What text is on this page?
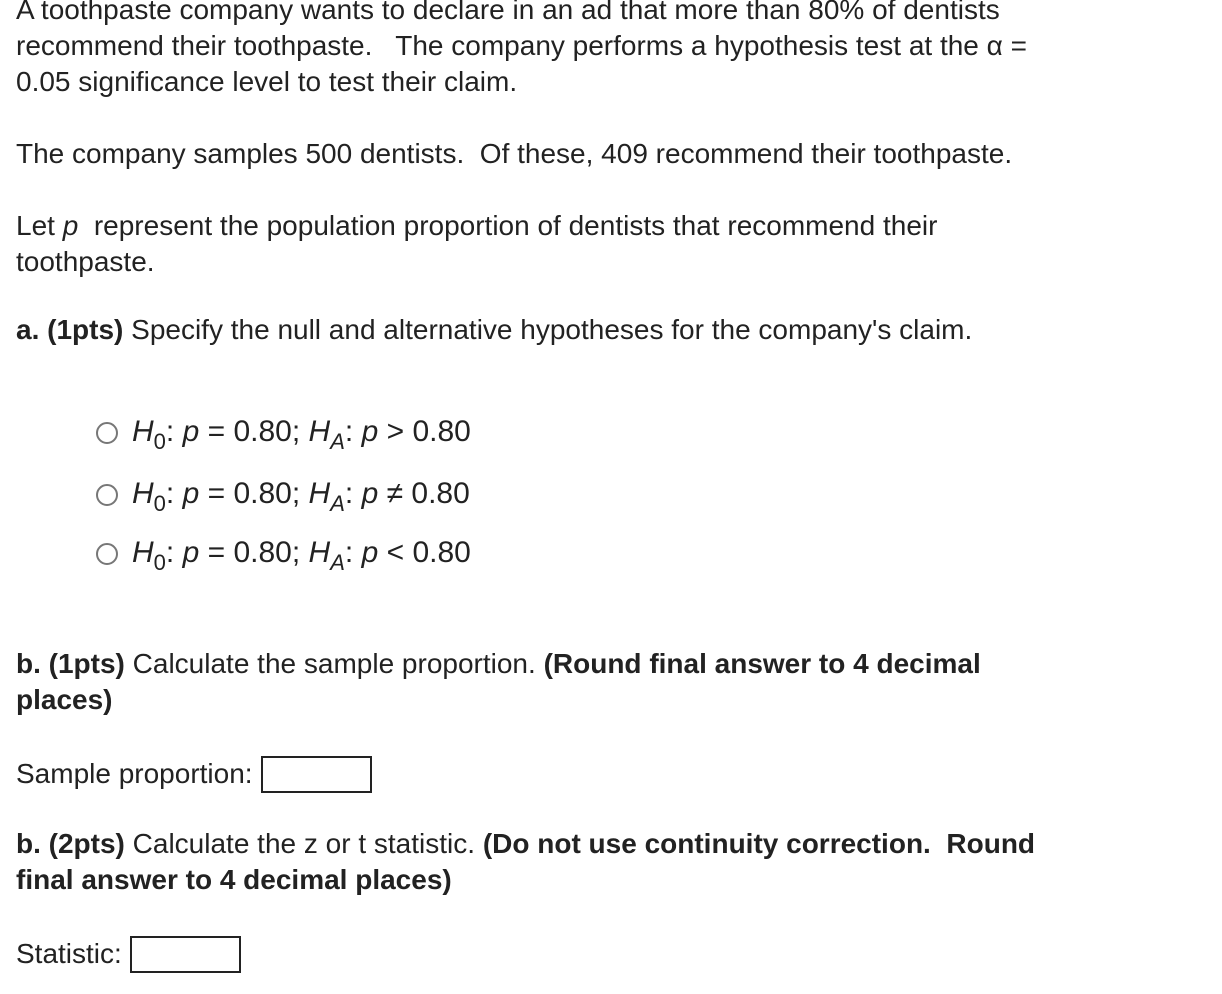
A toothpaste company wants to declare in an ad that more than 80% of dentists
recommend their toothpaste.   The company performs a hypothesis test at the α =
0.05 significance level to test their claim.
The company samples 500 dentists.  Of these, 409 recommend their toothpaste.
Let p  represent the population proportion of dentists that recommend their
toothpaste.
a. (1pts) Specify the null and alternative hypotheses for the company's claim.
$H_0$: p = 0.80; $H_A$: p > 0.80
$H_0$: p = 0.80; $H_A$: p ≠ 0.80
$H_0$: p = 0.80; $H_A$: p < 0.80
b. (1pts) Calculate the sample proportion. (Round final answer to 4 decimal
places)
Sample proportion:
b. (2pts) Calculate the z or t statistic. (Do not use continuity correction.  Round
final answer to 4 decimal places)
Statistic:
